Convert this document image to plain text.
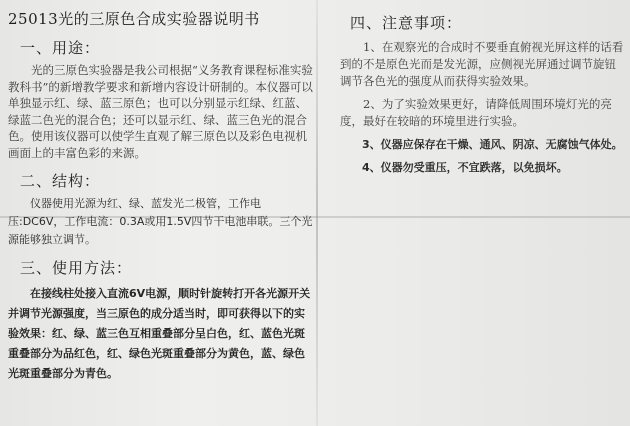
25013光的三原色合成实验器说明书
一、用途：

光的三原色实验器是我公司根据“义务教育课程标准实验教科书”的新增教学要求和新增内容设计研制的。本仪器可以单独显示红、绿、蓝三原色；也可以分别显示红绿、红蓝、绿蓝二色光的混合色；还可以显示红、绿、蓝三色光的混合色。使用该仪器可以使学生直观了解三原色以及彩色电视机画面上的丰富色彩的来源。

二、结构：

仪器使用光源为红、绿、蓝发光二极管，工作电压:DC6V，工作电流：0.3A或用1.5V四节干电池串联。三个光源能够独立调节。

三、使用方法：

在接线柱处接入直流6V电源，顺时针旋转打开各光源开关并调节光源强度，当三原色的成分适当时，即可获得以下的实验效果：红、绿、蓝三色互相重叠部分呈白色，红、蓝色光斑重叠部分为品红色，红、绿色光斑重叠部分为黄色，蓝、绿色光斑重叠部分为青色。

四、注意事项：

1、在观察光的合成时不要垂直俯视光屏这样的话看到的不是原色光而是发光源，应侧视光屏通过调节旋钮调节各色光的强度从而获得实验效果。

2、为了实验效果更好，请降低周围环境灯光的亮度，最好在较暗的环境里进行实验。

3、仪器应保存在干燥、通风、阴凉、无腐蚀气体处。

4、仪器勿受重压，不宜跌落，以免损坏。
